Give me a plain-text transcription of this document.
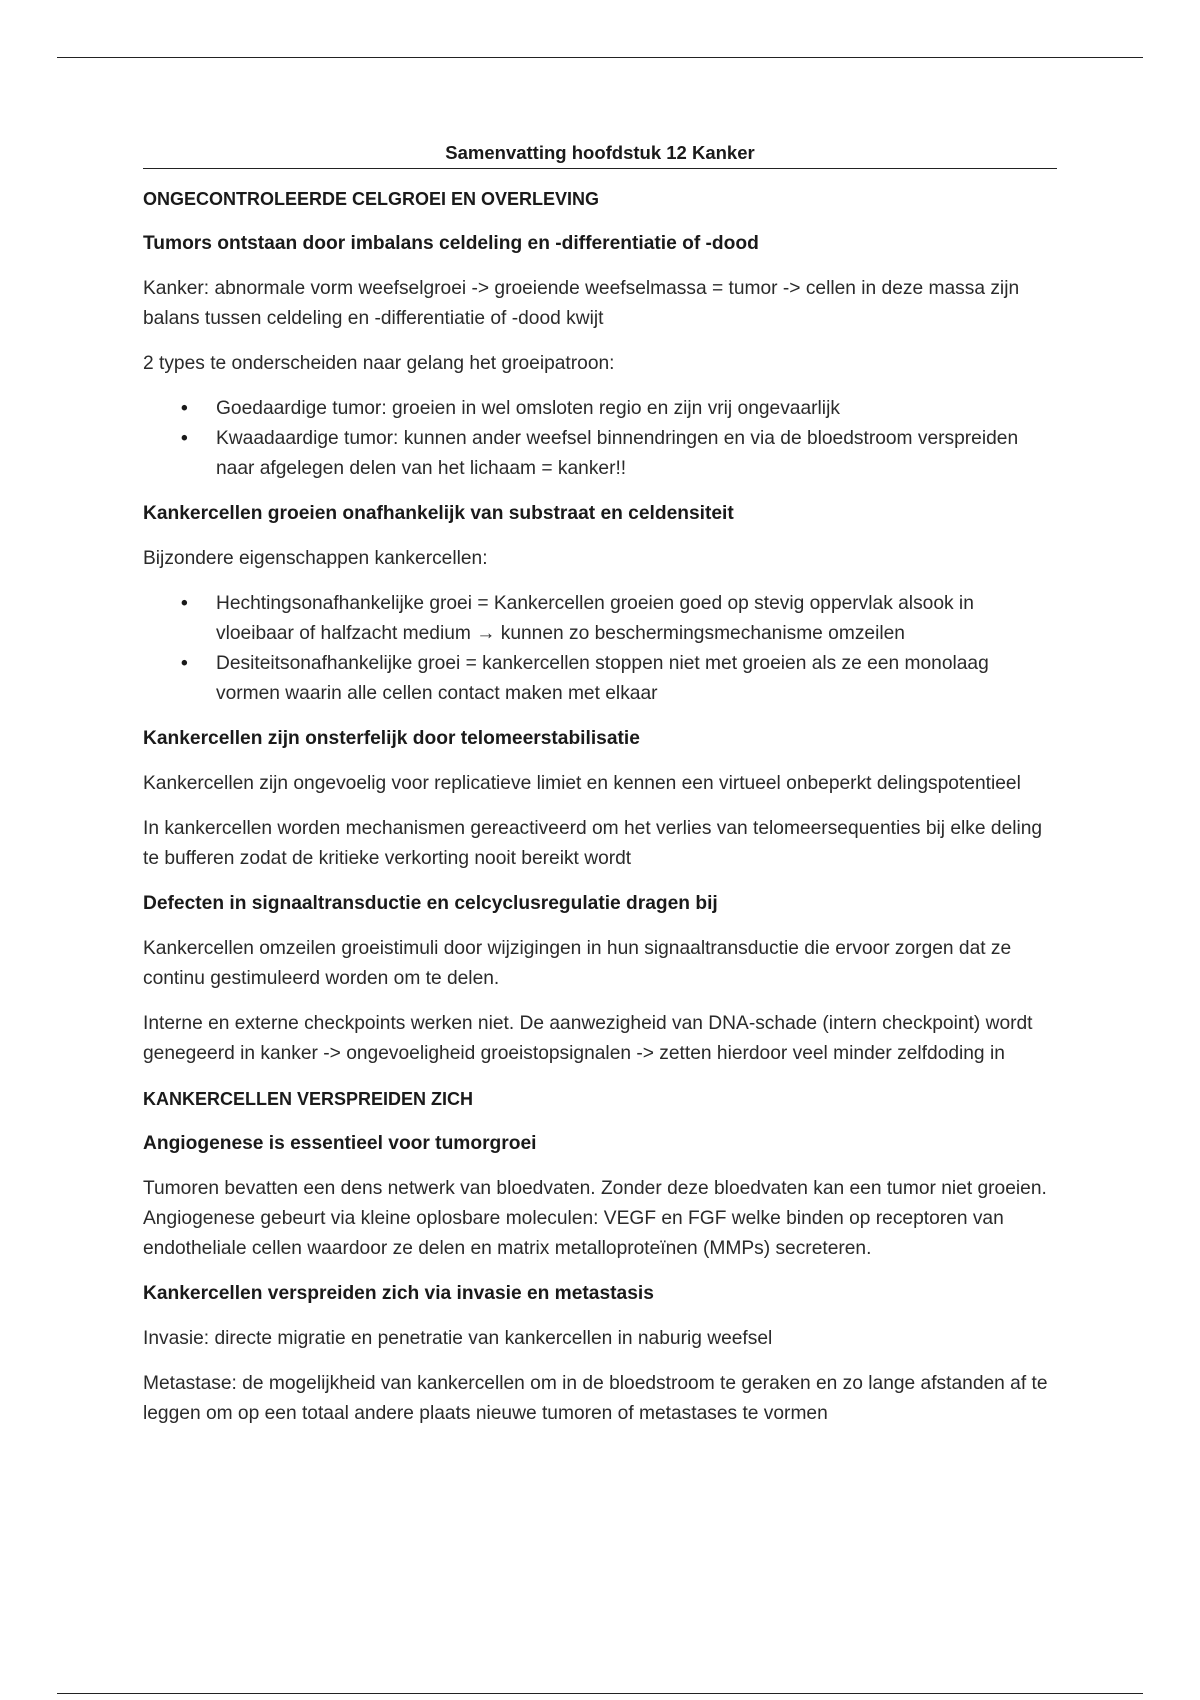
Samenvatting hoofdstuk 12 Kanker
ONGECONTROLEERDE CELGROEI EN OVERLEVING
Tumors ontstaan door imbalans celdeling en -differentiatie of -dood

Kanker: abnormale vorm weefselgroei -> groeiende weefselmassa = tumor -> cellen in deze massa zijn balans tussen celdeling en -differentiatie of -dood kwijt

2 types te onderscheiden naar gelang het groeipatroon:

• Goedaardige tumor: groeien in wel omsloten regio en zijn vrij ongevaarlijk
• Kwaadaardige tumor: kunnen ander weefsel binnendringen en via de bloedstroom verspreiden naar afgelegen delen van het lichaam = kanker!!
Kankercellen groeien onafhankelijk van substraat en celdensiteit

Bijzondere eigenschappen kankercellen:

• Hechtingsonafhankelijke groei = Kankercellen groeien goed op stevig oppervlak alsook in vloeibaar of halfzacht medium → kunnen zo beschermingsmechanisme omzeilen
• Desiteitsonafhankelijke groei = kankercellen stoppen niet met groeien als ze een monolaag vormen waarin alle cellen contact maken met elkaar
Kankercellen zijn onsterfelijk door telomeerstabilisatie

Kankercellen zijn ongevoelig voor replicatieve limiet en kennen een virtueel onbeperkt delingspotentieel

In kankercellen worden mechanismen gereactiveerd om het verlies van telomeersequenties bij elke deling te bufferen zodat de kritieke verkorting nooit bereikt wordt

Defecten in signaaltransductie en celcyclusregulatie dragen bij

Kankercellen omzeilen groeistimuli door wijzigingen in hun signaaltransductie die ervoor zorgen dat ze continu gestimuleerd worden om te delen.

Interne en externe checkpoints werken niet. De aanwezigheid van DNA-schade (intern checkpoint) wordt genegeerd in kanker -> ongevoeligheid groeistopsignalen -> zetten hierdoor veel minder zelfdoding in

KANKERCELLEN VERSPREIDEN ZICH
Angiogenese is essentieel voor tumorgroei

Tumoren bevatten een dens netwerk van bloedvaten. Zonder deze bloedvaten kan een tumor niet groeien. Angiogenese gebeurt via kleine oplosbare moleculen: VEGF en FGF welke binden op receptoren van endotheliale cellen waardoor ze delen en matrix metalloproteïnen (MMPs) secreteren.

Kankercellen verspreiden zich via invasie en metastasis

Invasie: directe migratie en penetratie van kankercellen in naburig weefsel

Metastase: de mogelijkheid van kankercellen om in de bloedstroom te geraken en zo lange afstanden af te leggen om op een totaal andere plaats nieuwe tumoren of metastases te vormen
